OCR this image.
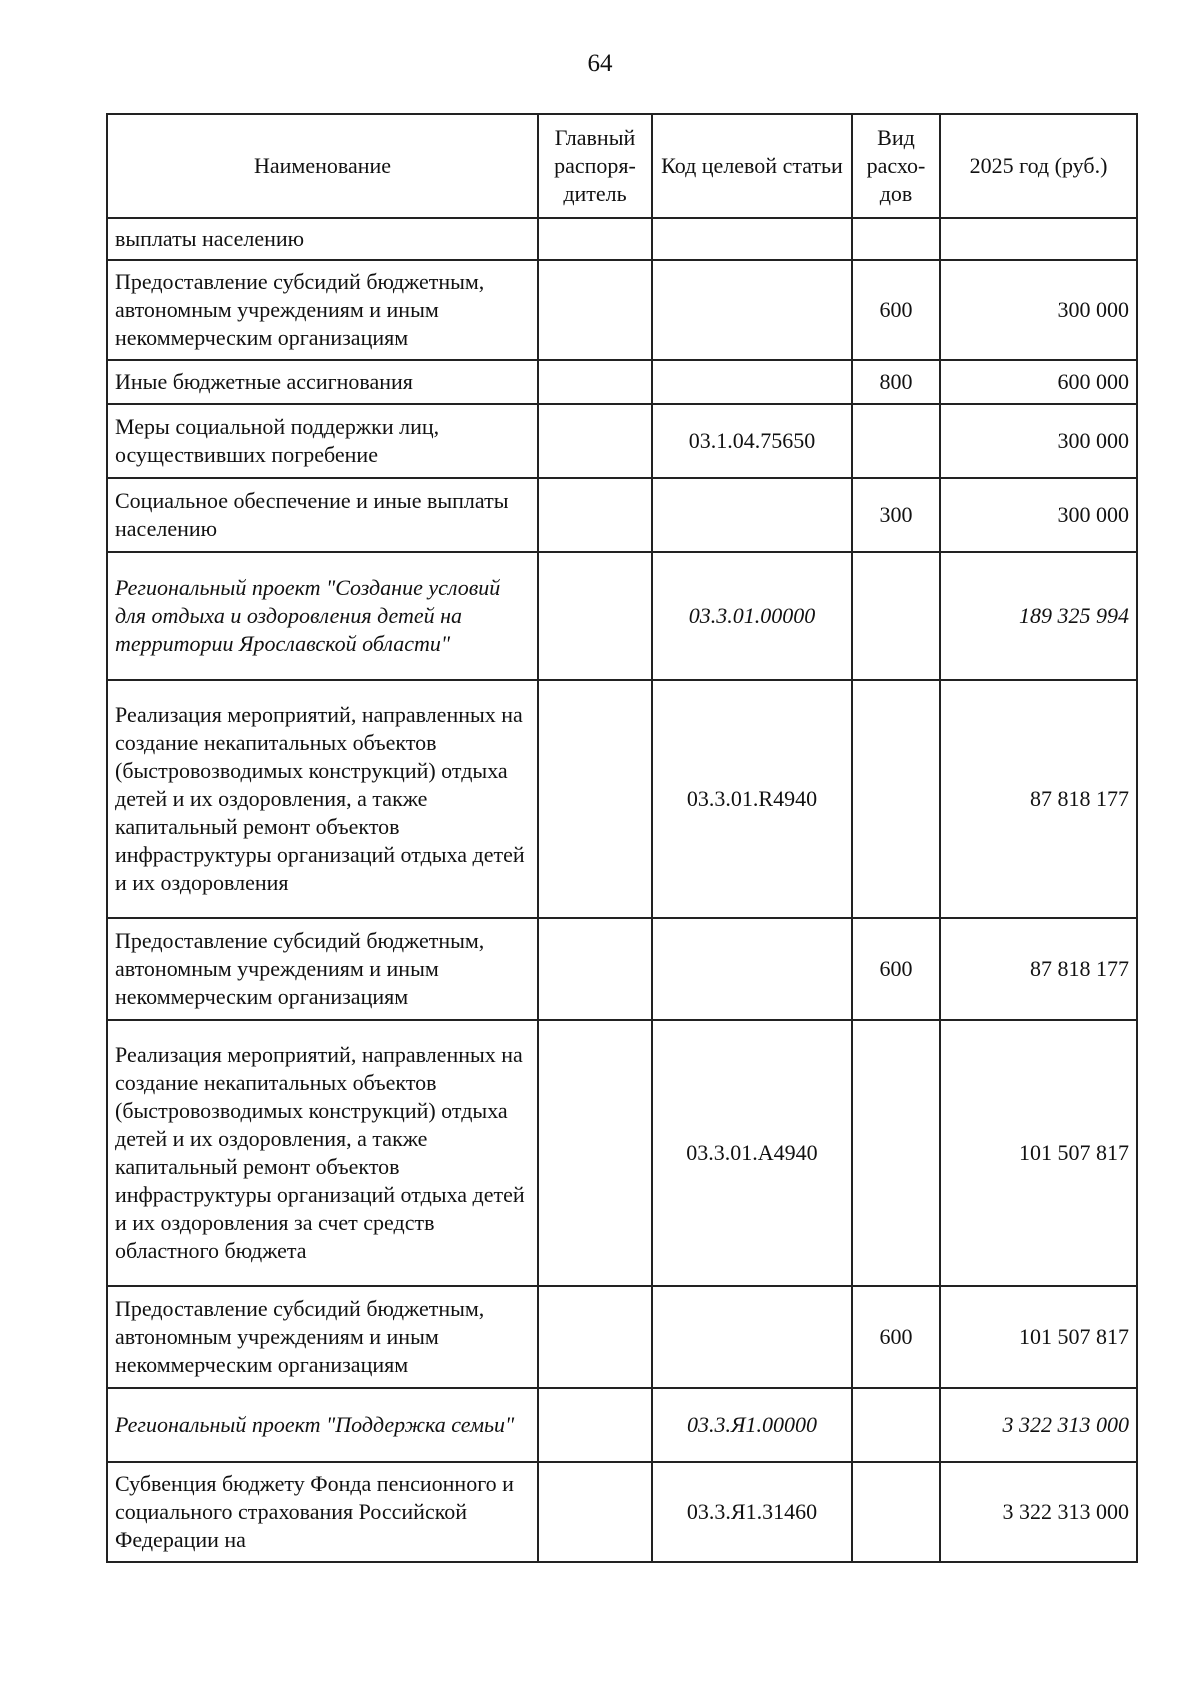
64
Наименование	Главный распоря-дитель	Код целевой статьи	Вид расхо-дов	2025 год (руб.)
выплаты населению				
Предоставление субсидий бюджетным, автономным учреждениям и иным некоммерческим организациям			600	300 000
Иные бюджетные ассигнования			800	600 000
Меры социальной поддержки лиц, осуществивших погребение		03.1.04.75650		300 000
Социальное обеспечение и иные выплаты населению			300	300 000
Региональный проект "Создание условий для отдыха и оздоровления детей на территории Ярославской области"		03.3.01.00000		189 325 994
Реализация мероприятий, направленных на создание некапитальных объектов (быстровозводимых конструкций) отдыха детей и их оздоровления, а также капитальный ремонт объектов инфраструктуры организаций отдыха детей и их оздоровления		03.3.01.R4940		87 818 177
Предоставление субсидий бюджетным, автономным учреждениям и иным некоммерческим организациям			600	87 818 177
Реализация мероприятий, направленных на создание некапитальных объектов (быстровозводимых конструкций) отдыха детей и их оздоровления, а также капитальный ремонт объектов инфраструктуры организаций отдыха детей и их оздоровления за счет средств областного бюджета		03.3.01.А4940		101 507 817
Предоставление субсидий бюджетным, автономным учреждениям и иным некоммерческим организациям			600	101 507 817
Региональный проект "Поддержка семьи"		03.3.Я1.00000		3 322 313 000
Субвенция бюджету Фонда пенсионного и социального страхования Российской Федерации на		03.3.Я1.31460		3 322 313 000
